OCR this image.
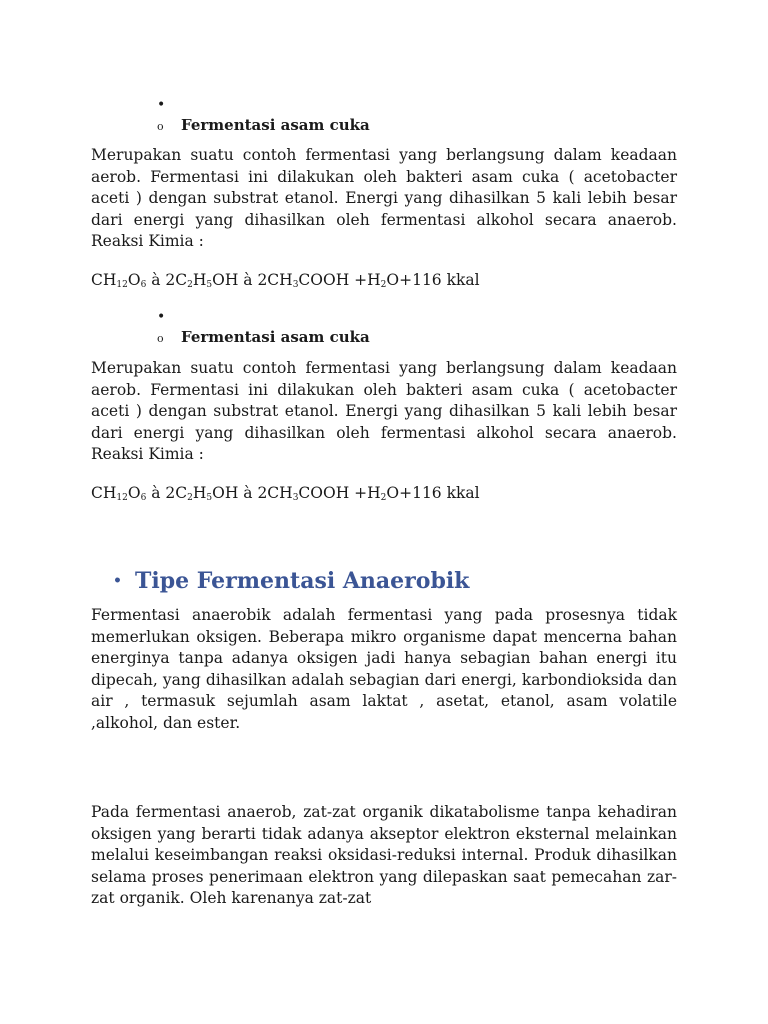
•
o Fermentasi asam cuka
Merupakan suatu contoh fermentasi yang berlangsung dalam keadaan aerob. Fermentasi ini dilakukan oleh bakteri asam cuka ( acetobacter aceti ) dengan substrat etanol. Energi yang dihasilkan 5 kali lebih besar dari energi yang dihasilkan oleh fermentasi alkohol secara anaerob. Reaksi Kimia :
$CH_{12}O_6$ à $2C_2H_5OH$ à $2CH_3COOH +H_2O+116$ kkal
•
o Fermentasi asam cuka
Merupakan suatu contoh fermentasi yang berlangsung dalam keadaan aerob. Fermentasi ini dilakukan oleh bakteri asam cuka ( acetobacter aceti ) dengan substrat etanol. Energi yang dihasilkan 5 kali lebih besar dari energi yang dihasilkan oleh fermentasi alkohol secara anaerob. Reaksi Kimia :
$CH_{12}O_6$ à $2C_2H_5OH$ à $2CH_3COOH +H_2O+116$ kkal
• Tipe Fermentasi Anaerobik
Fermentasi anaerobik adalah fermentasi yang pada prosesnya tidak memerlukan oksigen. Beberapa mikro organisme dapat mencerna bahan energinya tanpa adanya oksigen jadi hanya sebagian bahan energi itu dipecah, yang dihasilkan adalah sebagian dari energi, karbondioksida dan air , termasuk sejumlah asam laktat , asetat, etanol, asam volatile ,alkohol, dan ester.
Pada fermentasi anaerob, zat-zat organik dikatabolisme tanpa kehadiran oksigen yang berarti tidak adanya akseptor elektron eksternal melainkan melalui keseimbangan reaksi oksidasi-reduksi internal. Produk dihasilkan selama proses penerimaan elektron yang dilepaskan saat pemecahan zar-zat organik. Oleh karenanya zat-zat
